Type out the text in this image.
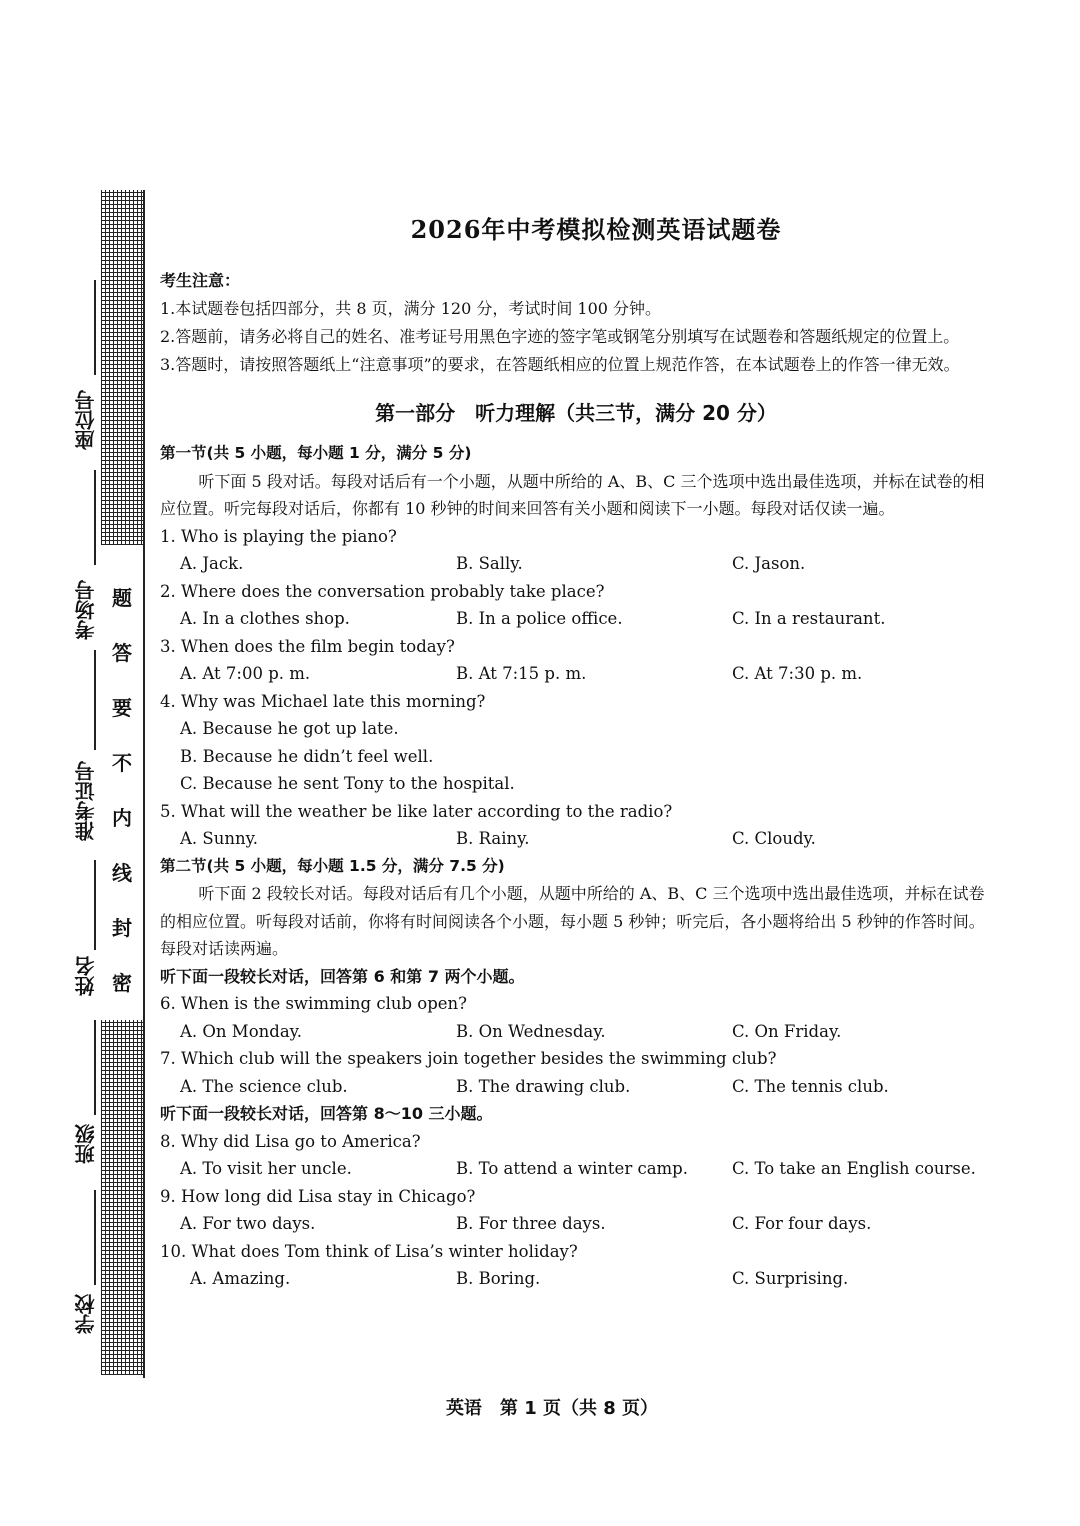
题
答
要
不
内
线
封
密
座位号
考场号
准考证号
姓名
班级
学校
2026年中考模拟检测英语试题卷
考生注意：
1.本试题卷包括四部分，共 8 页，满分 120 分，考试时间 100 分钟。
2.答题前，请务必将自己的姓名、准考证号用黑色字迹的签字笔或钢笔分别填写在试题卷和答题纸规定的位置上。
3.答题时，请按照答题纸上“注意事项”的要求，在答题纸相应的位置上规范作答，在本试题卷上的作答一律无效。
第一部分　听力理解（共三节，满分 20 分）
第一节(共 5 小题，每小题 1 分，满分 5 分)
听下面 5 段对话。每段对话后有一个小题，从题中所给的 A、B、C 三个选项中选出最佳选项，并标在试卷的相应位置。听完每段对话后，你都有 10 秒钟的时间来回答有关小题和阅读下一小题。每段对话仅读一遍。
1. Who is playing the piano?
A. Jack.	B. Sally.	C. Jason.
2. Where does the conversation probably take place?
A. In a clothes shop.	B. In a police office.	C. In a restaurant.
3. When does the film begin today?
A. At 7:00 p. m.	B. At 7:15 p. m.	C. At 7:30 p. m.
4. Why was Michael late this morning?
A. Because he got up late.
B. Because he didn’t feel well.
C. Because he sent Tony to the hospital.
5. What will the weather be like later according to the radio?
A. Sunny.	B. Rainy.	C. Cloudy.
第二节(共 5 小题，每小题 1.5 分，满分 7.5 分)
听下面 2 段较长对话。每段对话后有几个小题，从题中所给的 A、B、C 三个选项中选出最佳选项，并标在试卷的相应位置。听每段对话前，你将有时间阅读各个小题，每小题 5 秒钟；听完后，各小题将给出 5 秒钟的作答时间。每段对话读两遍。
听下面一段较长对话，回答第 6 和第 7 两个小题。
6. When is the swimming club open?
A. On Monday.	B. On Wednesday.	C. On Friday.
7. Which club will the speakers join together besides the swimming club?
A. The science club.	B. The drawing club.	C. The tennis club.
听下面一段较长对话，回答第 8～10 三小题。
8. Why did Lisa go to America?
A. To visit her uncle.	B. To attend a winter camp.	C. To take an English course.
9. How long did Lisa stay in Chicago?
A. For two days.	B. For three days.	C. For four days.
10. What does Tom think of Lisa’s winter holiday?
A. Amazing.	B. Boring.	C. Surprising.
英语　第 1 页（共 8 页）
